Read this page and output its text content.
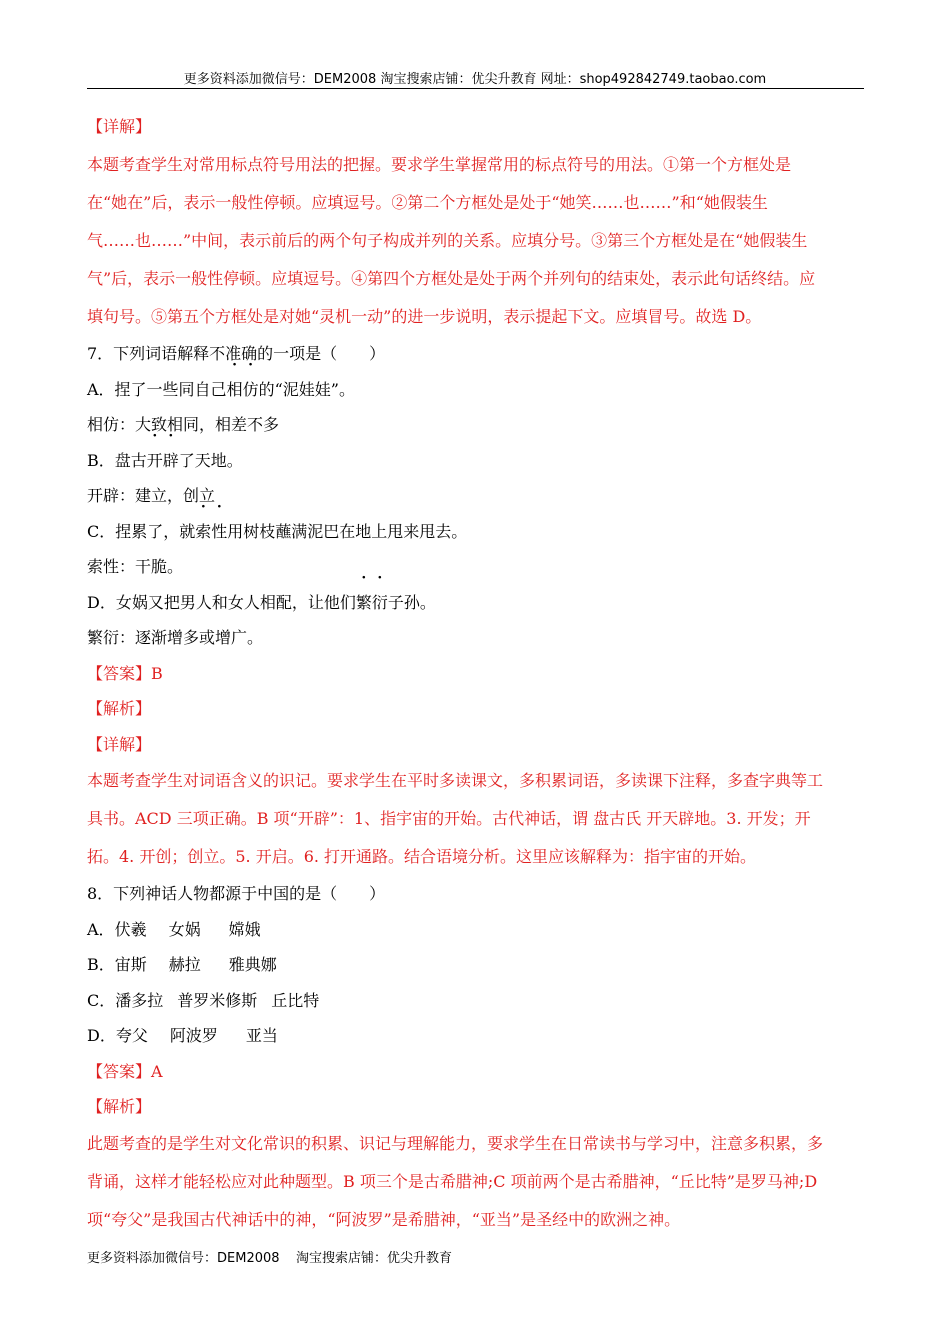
更多资料添加微信号：DEM2008 淘宝搜索店铺：优尖升教育 网址：shop492842749.taobao.com
【详解】
本题考查学生对常用标点符号用法的把握。要求学生掌握常用的标点符号的用法。①第一个方框处是
在“她在”后，表示一般性停顿。应填逗号。②第二个方框处是处于“她笑……也……”和“她假装生
气……也……”中间，表示前后的两个句子构成并列的关系。应填分号。③第三个方框处是在“她假装生
气”后，表示一般性停顿。应填逗号。④第四个方框处是处于两个并列句的结束处，表示此句话终结。应
填句号。⑤第五个方框处是对她“灵机一动”的进一步说明，表示提起下文。应填冒号。故选 D。
7．下列词语解释不准确的一项是（　　）
A．捏了一些同自己相仿的“泥娃娃”。
相仿：大致相同，相差不多
B．盘古开辟了天地。
开辟：建立，创立
C．捏累了，就索性用树枝蘸满泥巴在地上甩来甩去。
索性：干脆。
D．女娲又把男人和女人相配，让他们繁衍子孙。
繁衍：逐渐增多或增广。
【答案】B
【解析】
【详解】
本题考查学生对词语含义的识记。要求学生在平时多读课文，多积累词语，多读课下注释，多查字典等工
具书。ACD 三项正确。B 项“开辟”：1、指宇宙的开始。古代神话，谓 盘古氏 开天辟地。3. 开发；开
拓。4. 开创；创立。5. 开启。6. 打开通路。结合语境分析。这里应该解释为：指宇宙的开始。
8．下列神话人物都源于中国的是（　　）
A．伏羲 女娲 嫦娥
B．宙斯 赫拉 雅典娜
C．潘多拉 普罗米修斯 丘比特
D．夸父 阿波罗 亚当
【答案】A
【解析】
此题考查的是学生对文化常识的积累、识记与理解能力，要求学生在日常读书与学习中，注意多积累，多
背诵，这样才能轻松应对此种题型。B 项三个是古希腊神;C 项前两个是古希腊神，“丘比特”是罗马神;D
项“夸父”是我国古代神话中的神，“阿波罗”是希腊神，“亚当”是圣经中的欧洲之神。
更多资料添加微信号：DEM2008    淘宝搜索店铺：优尖升教育
